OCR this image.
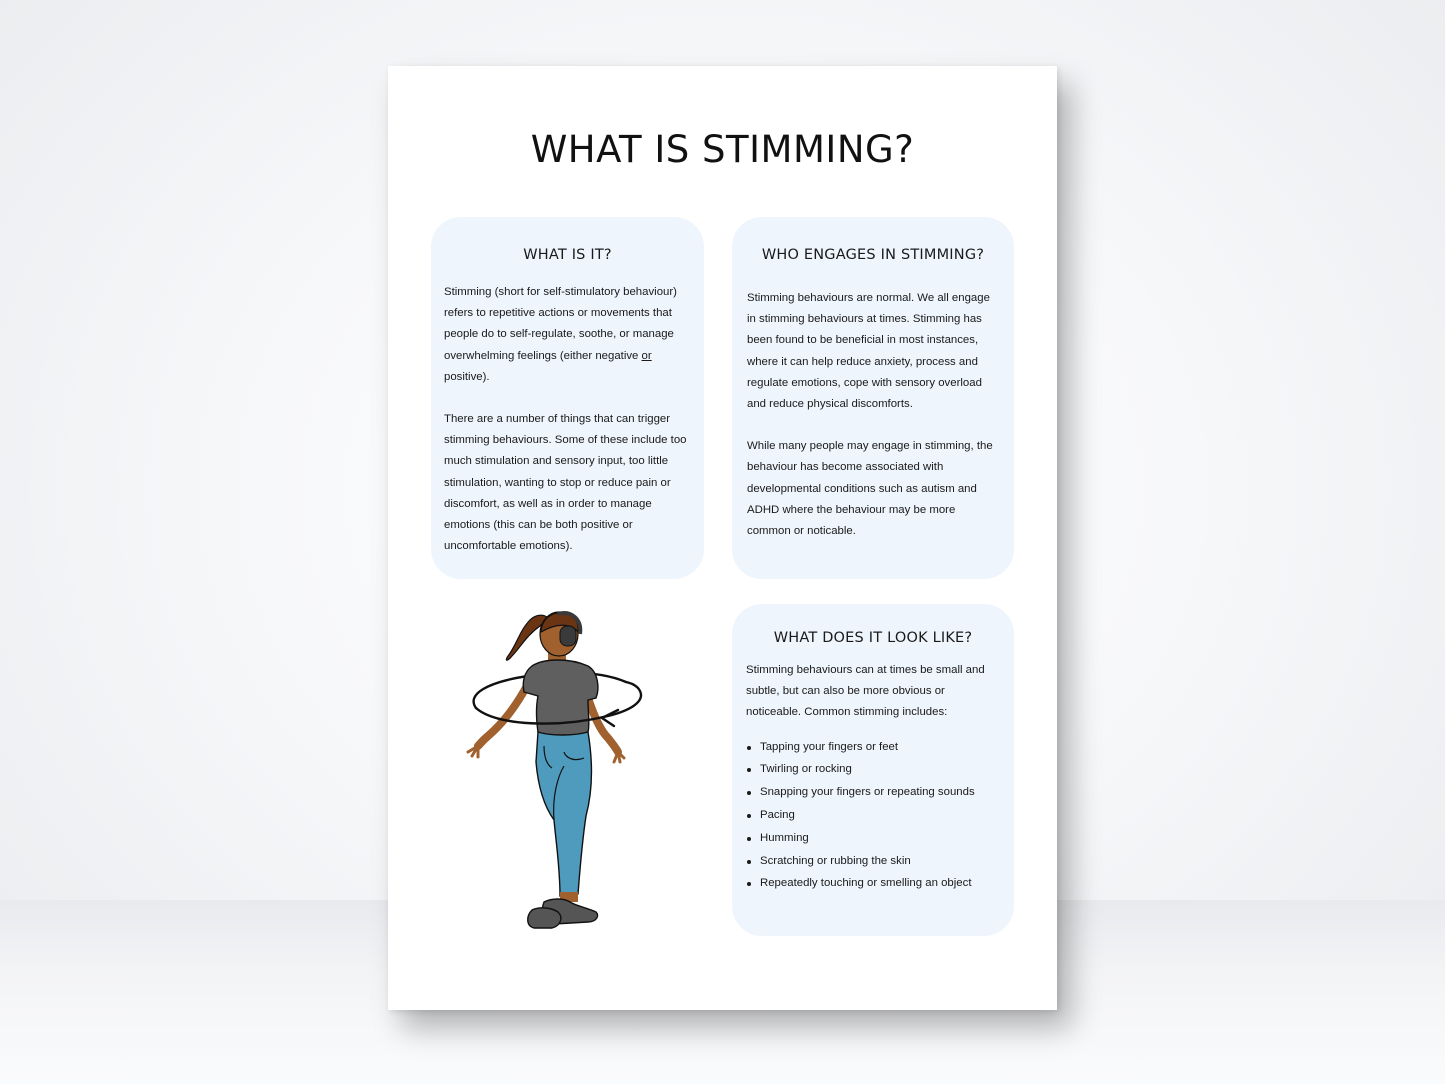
WHAT IS STIMMING?
WHAT IS IT?

Stimming (short for self-stimulatory behaviour) refers to repetitive actions or movements that people do to self-regulate, soothe, or manage overwhelming feelings (either negative or positive).

There are a number of things that can trigger stimming behaviours. Some of these include too much stimulation and sensory input, too little stimulation, wanting to stop or reduce pain or discomfort, as well as in order to manage emotions (this can be both positive or uncomfortable emotions).

WHO ENGAGES IN STIMMING?

Stimming behaviours are normal. We all engage in stimming behaviours at times. Stimming has been found to be beneficial in most instances, where it can help reduce anxiety, process and regulate emotions, cope with sensory overload and reduce physical discomforts.

While many people may engage in stimming, the behaviour has become associated with developmental conditions such as autism and ADHD where the behaviour may be more common or noticable.

WHAT DOES IT LOOK LIKE?

Stimming behaviours can at times be small and subtle, but can also be more obvious or noticeable. Common stimming includes:

Tapping your fingers or feet
Twirling or rocking
Snapping your fingers or repeating sounds
Pacing
Humming
Scratching or rubbing the skin
Repeatedly touching or smelling an object
